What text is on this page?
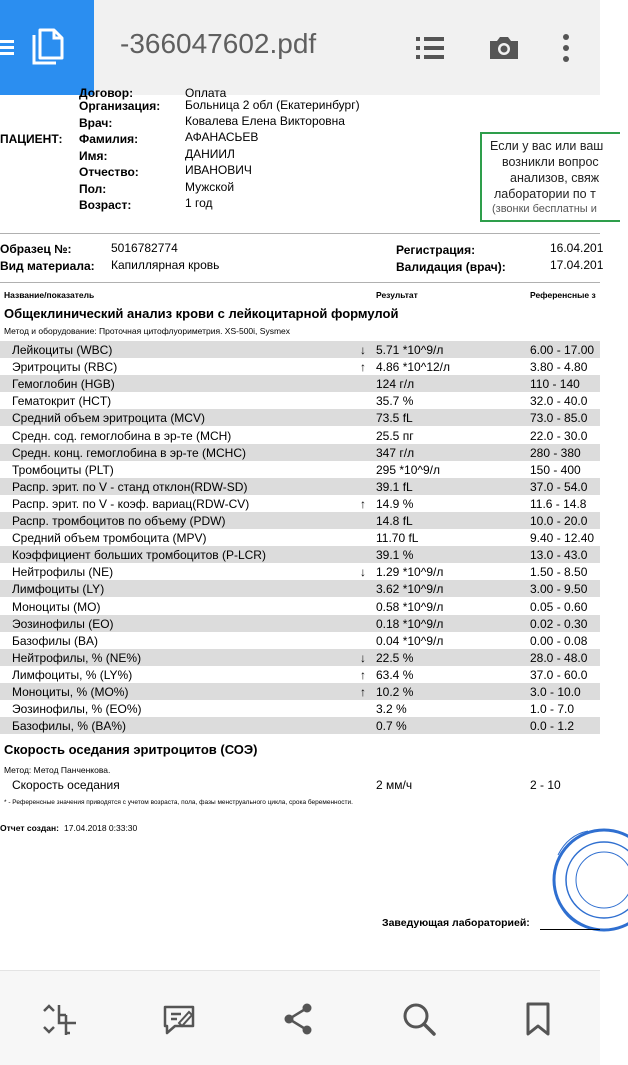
-366047602.pdf
Договор:	Оплата
Организация: Больница 2 обл (Екатеринбург)
Врач:	Ковалева Елена Викторовна
ПАЦИЕНТ: Фамилия:	АФАНАСЬЕВ
Имя:	ДАНИИЛ
Отчество:	ИВАНОВИЧ
Пол:	Мужской
Возраст:	1 год
Если у вас или ваш
возникли вопрос
анализов, свяж
лаборатории по т
(звонки бесплатны и
Образец №:	5016782774
Вид материала: Капиллярная кровь
Регистрация:	16.04.201
Валидация (врач):	17.04.201
Название/показатель	Результат	Референсные з
Общеклинический анализ крови с лейкоцитарной формулой
Метод и оборудование: Проточная цитофлуориметрия. XS-500i, Sysmex
Лейкоциты (WBC)	↓ 5.71 *10^9/л	6.00 - 17.00
Эритроциты (RBC)	↑ 4.86 *10^12/л	3.80 - 4.80
Гемоглобин (HGB)	124 г/л	110 - 140
Гематокрит (HCT)	35.7 %	32.0 - 40.0
Средний объем эритроцита (MCV)	73.5 fL	73.0 - 85.0
Средн. сод. гемоглобина в эр-те (MCH)	25.5 пг	22.0 - 30.0
Средн. конц. гемоглобина в эр-те (MCHC)	347 г/л	280 - 380
Тромбоциты (PLT)	295 *10^9/л	150 - 400
Распр. эрит. по V - станд отклон(RDW-SD)	39.1 fL	37.0 - 54.0
Распр. эрит. по V - коэф. вариац(RDW-CV)	↑ 14.9 %	11.6 - 14.8
Распр. тромбоцитов по объему (PDW)	14.8 fL	10.0 - 20.0
Средний объем тромбоцита (MPV)	11.70 fL	9.40 - 12.40
Коэффициент больших тромбоцитов (P-LCR)	39.1 %	13.0 - 43.0
Нейтрофилы (NE)	↓ 1.29 *10^9/л	1.50 - 8.50
Лимфоциты (LY)	3.62 *10^9/л	3.00 - 9.50
Моноциты (MO)	0.58 *10^9/л	0.05 - 0.60
Эозинофилы (EO)	0.18 *10^9/л	0.02 - 0.30
Базофилы (BA)	0.04 *10^9/л	0.00 - 0.08
Нейтрофилы, % (NE%)	↓ 22.5 %	28.0 - 48.0
Лимфоциты, % (LY%)	↑ 63.4 %	37.0 - 60.0
Моноциты, % (MO%)	↑ 10.2 %	3.0 - 10.0
Эозинофилы, % (EO%)	3.2 %	1.0 - 7.0
Базофилы, % (BA%)	0.7 %	0.0 - 1.2
Скорость оседания эритроцитов (СОЭ)
Метод: Метод Панченкова.
Скорость оседания	2 мм/ч	2 - 10
* - Референсные значения приводятся с учетом возраста, пола, фазы менструального цикла, срока беременности.
Отчет создан: 17.04.2018 0:33:30
Заведующая лабораторией:
